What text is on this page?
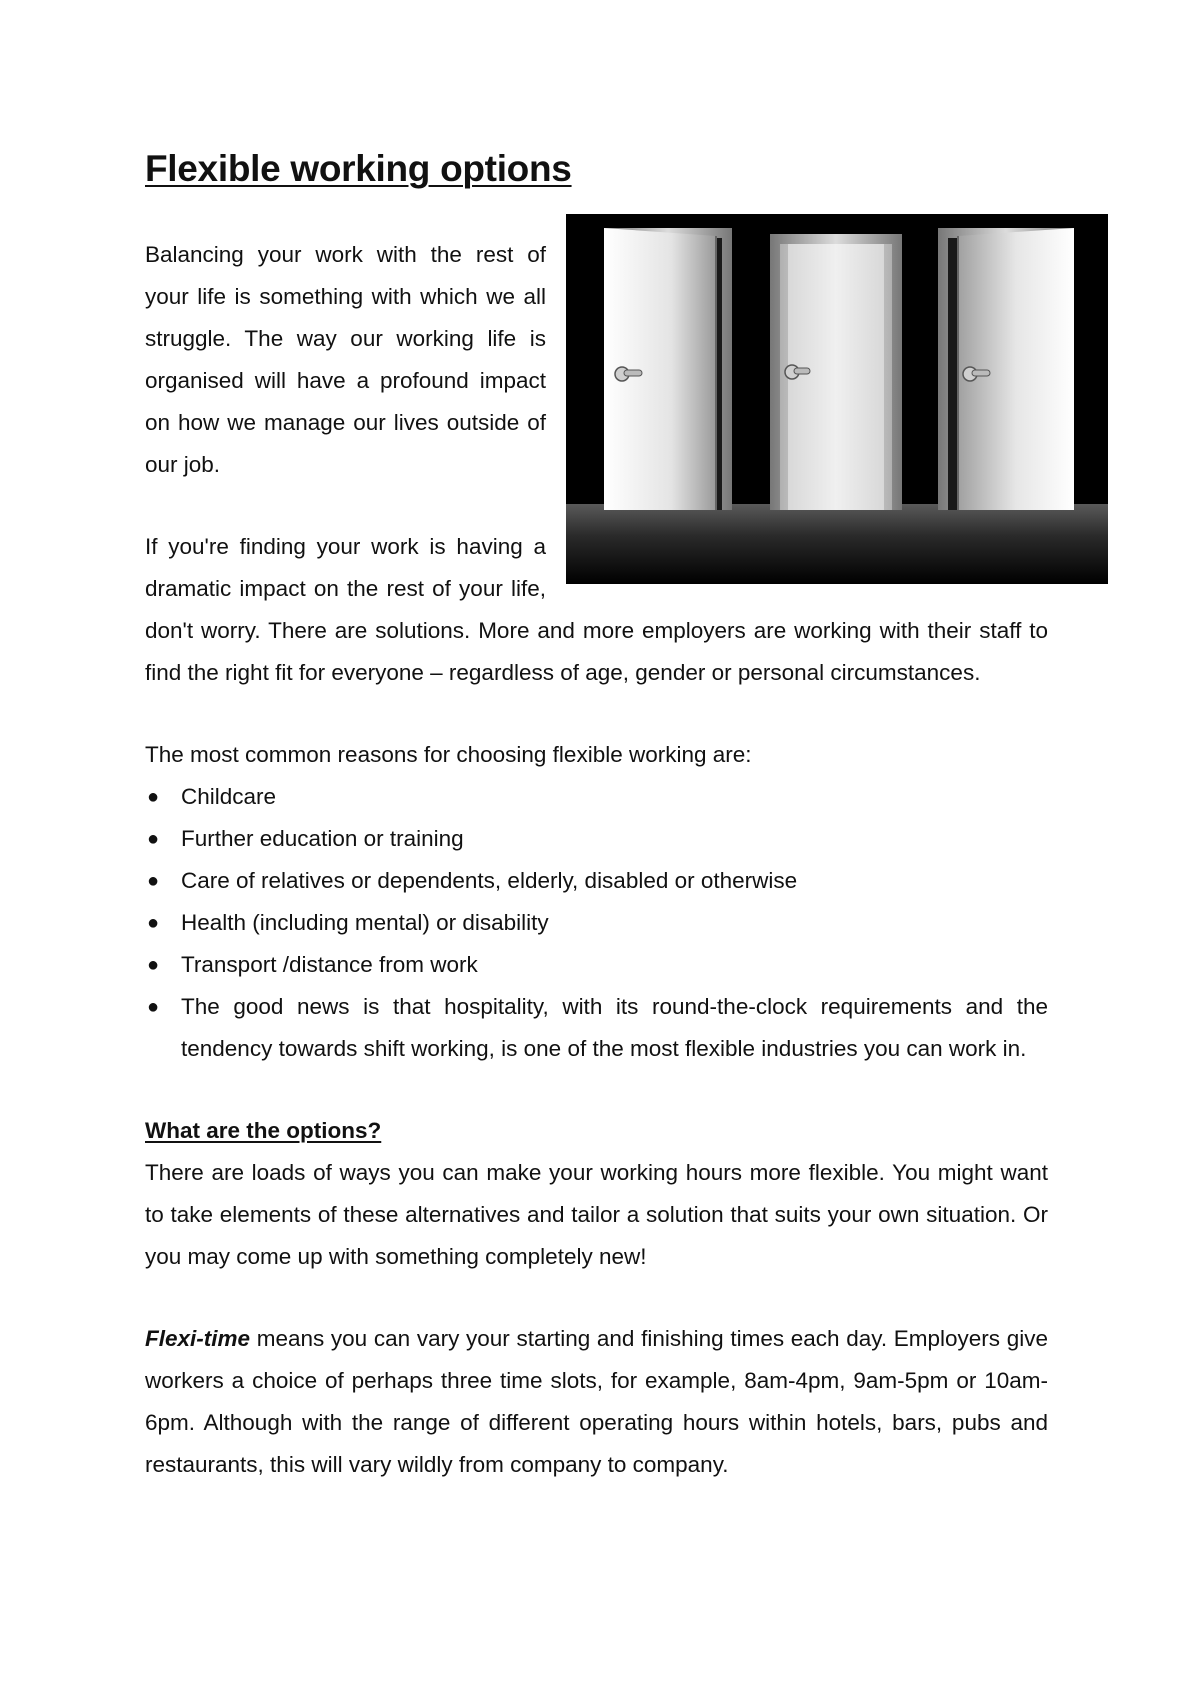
Flexible working options

Balancing your work with the rest of your life is something with which we all struggle. The way our working life is organised will have a profound impact on how we manage our lives outside of our job.

If you're finding your work is having a dramatic impact on the rest of your life, don't worry. There are solutions. More and more employers are working with their staff to find the right fit for everyone – regardless of age, gender or personal circumstances.

The most common reasons for choosing flexible working are:

● Childcare
● Further education or training
● Care of relatives or dependents, elderly, disabled or otherwise
● Health (including mental) or disability
● Transport /distance from work
● The good news is that hospitality, with its round-the-clock requirements and the tendency towards shift working, is one of the most flexible industries you can work in.

What are the options?

There are loads of ways you can make your working hours more flexible. You might want to take elements of these alternatives and tailor a solution that suits your own situation. Or you may come up with something completely new!

Flexi-time means you can vary your starting and finishing times each day. Employers give workers a choice of perhaps three time slots, for example, 8am-4pm, 9am-5pm or 10am-6pm. Although with the range of different operating hours within hotels, bars, pubs and restaurants, this will vary wildly from company to company.
